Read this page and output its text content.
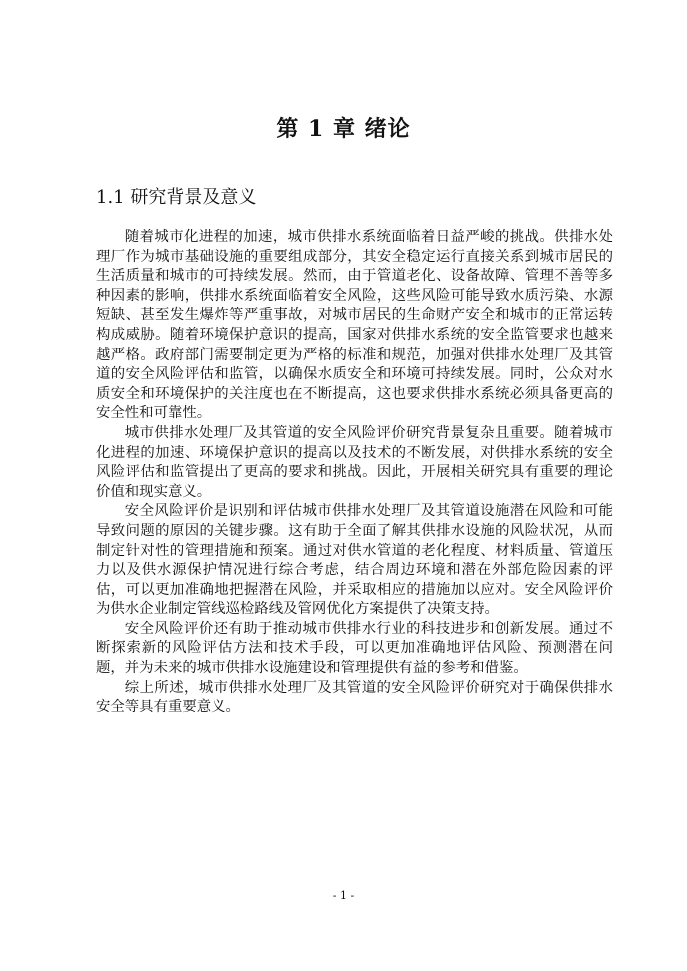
第 1 章 绪论
1.1 研究背景及意义

随着城市化进程的加速，城市供排水系统面临着日益严峻的挑战。供排水处理厂作为城市基础设施的重要组成部分，其安全稳定运行直接关系到城市居民的生活质量和城市的可持续发展。然而，由于管道老化、设备故障、管理不善等多种因素的影响，供排水系统面临着安全风险，这些风险可能导致水质污染、水源短缺、甚至发生爆炸等严重事故，对城市居民的生命财产安全和城市的正常运转构成威胁。随着环境保护意识的提高，国家对供排水系统的安全监管要求也越来越严格。政府部门需要制定更为严格的标准和规范，加强对供排水处理厂及其管道的安全风险评估和监管，以确保水质安全和环境可持续发展。同时，公众对水质安全和环境保护的关注度也在不断提高，这也要求供排水系统必须具备更高的安全性和可靠性。

城市供排水处理厂及其管道的安全风险评价研究背景复杂且重要。随着城市化进程的加速、环境保护意识的提高以及技术的不断发展，对供排水系统的安全风险评估和监管提出了更高的要求和挑战。因此，开展相关研究具有重要的理论价值和现实意义。

安全风险评价是识别和评估城市供排水处理厂及其管道设施潜在风险和可能导致问题的原因的关键步骤。这有助于全面了解其供排水设施的风险状况，从而制定针对性的管理措施和预案。通过对供水管道的老化程度、材料质量、管道压力以及供水源保护情况进行综合考虑，结合周边环境和潜在外部危险因素的评估，可以更加准确地把握潜在风险，并采取相应的措施加以应对。安全风险评价为供水企业制定管线巡检路线及管网优化方案提供了决策支持。

安全风险评价还有助于推动城市供排水行业的科技进步和创新发展。通过不断探索新的风险评估方法和技术手段，可以更加准确地评估风险、预测潜在问题，并为未来的城市供排水设施建设和管理提供有益的参考和借鉴。

综上所述，城市供排水处理厂及其管道的安全风险评价研究对于确保供排水安全等具有重要意义。

- 1 -
